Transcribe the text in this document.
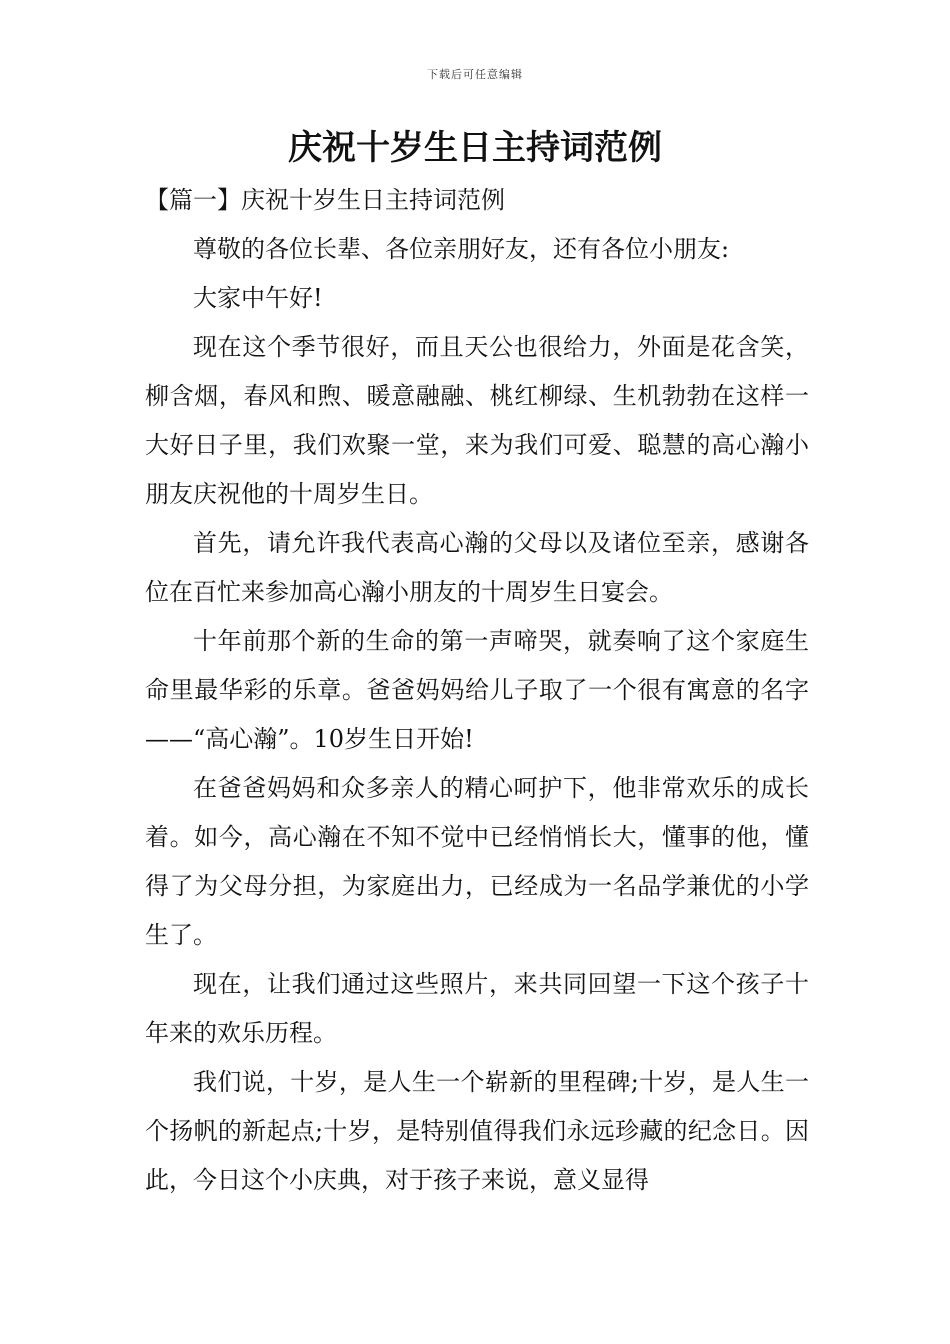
下载后可任意编辑
庆祝十岁生日主持词范例
【篇一】庆祝十岁生日主持词范例

尊敬的各位长辈、各位亲朋好友，还有各位小朋友:

大家中午好!

现在这个季节很好，而且天公也很给力，外面是花含笑，柳含烟，春风和煦、暖意融融、桃红柳绿、生机勃勃在这样一大好日子里，我们欢聚一堂，来为我们可爱、聪慧的高心瀚小朋友庆祝他的十周岁生日。

首先，请允许我代表高心瀚的父母以及诸位至亲，感谢各位在百忙来参加高心瀚小朋友的十周岁生日宴会。

十年前那个新的生命的第一声啼哭，就奏响了这个家庭生命里最华彩的乐章。爸爸妈妈给儿子取了一个很有寓意的名字——“高心瀚”。10岁生日开始!

在爸爸妈妈和众多亲人的精心呵护下，他非常欢乐的成长着。如今，高心瀚在不知不觉中已经悄悄长大，懂事的他，懂得了为父母分担，为家庭出力，已经成为一名品学兼优的小学生了。

现在，让我们通过这些照片，来共同回望一下这个孩子十年来的欢乐历程。

我们说，十岁，是人生一个崭新的里程碑;十岁，是人生一个扬帆的新起点;十岁，是特别值得我们永远珍藏的纪念日。因此，今日这个小庆典，对于孩子来说，意义显得
